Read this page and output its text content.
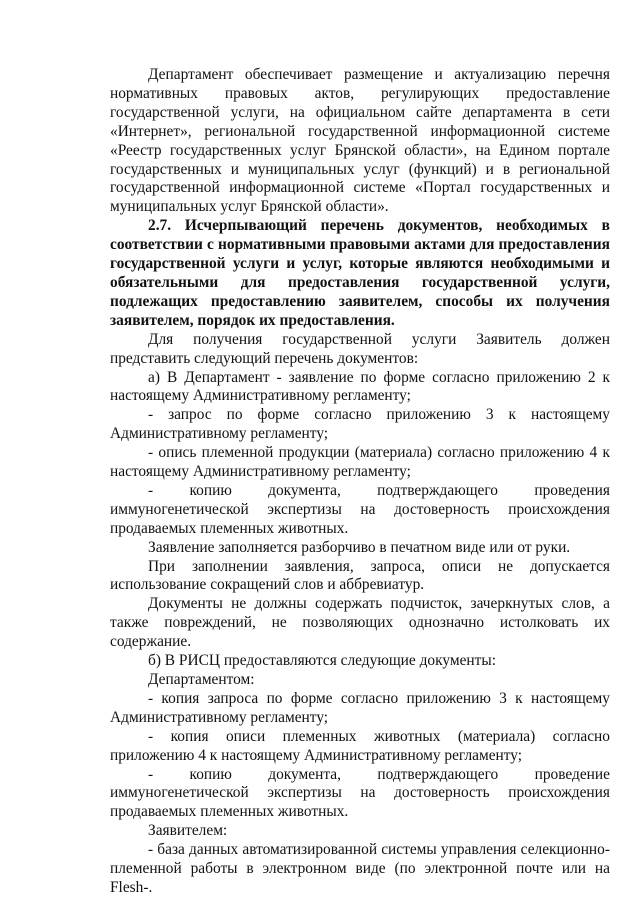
Департамент обеспечивает размещение и актуализацию перечня нормативных правовых актов, регулирующих предоставление государственной услуги, на официальном сайте департамента в сети «Интернет», региональной государственной информационной системе «Реестр государственных услуг Брянской области», на Едином портале государственных и муниципальных услуг (функций) и в региональной государственной информационной системе «Портал государственных и муниципальных услуг Брянской области».

2.7. Исчерпывающий перечень документов, необходимых в соответствии с нормативными правовыми актами для предоставления государственной услуги и услуг, которые являются необходимыми и обязательными для предоставления государственной услуги, подлежащих предоставлению заявителем, способы их получения заявителем, порядок их предоставления.

Для получения государственной услуги Заявитель должен представить следующий перечень документов:

а) В Департамент - заявление по форме согласно приложению 2 к настоящему Административному регламенту;

- запрос по форме согласно приложению 3 к настоящему Административному регламенту;

- опись племенной продукции (материала) согласно приложению 4 к настоящему Административному регламенту;

- копию документа, подтверждающего проведения иммуногенетической экспертизы на достоверность происхождения продаваемых племенных животных.

Заявление заполняется разборчиво в печатном виде или от руки.

При заполнении заявления, запроса, описи не допускается использование сокращений слов и аббревиатур.

Документы не должны содержать подчисток, зачеркнутых слов, а также повреждений, не позволяющих однозначно истолковать их содержание.

б) В РИСЦ предоставляются следующие документы:

Департаментом:

- копия запроса по форме согласно приложению 3 к настоящему Административному регламенту;

- копия описи племенных животных (материала) согласно приложению 4 к настоящему Административному регламенту;

- копию документа, подтверждающего проведение иммуногенетической экспертизы на достоверность происхождения продаваемых племенных животных.

Заявителем:

- база данных автоматизированной системы управления селекционно-племенной работы в электронном виде (по электронной почте или на Flesh-.
